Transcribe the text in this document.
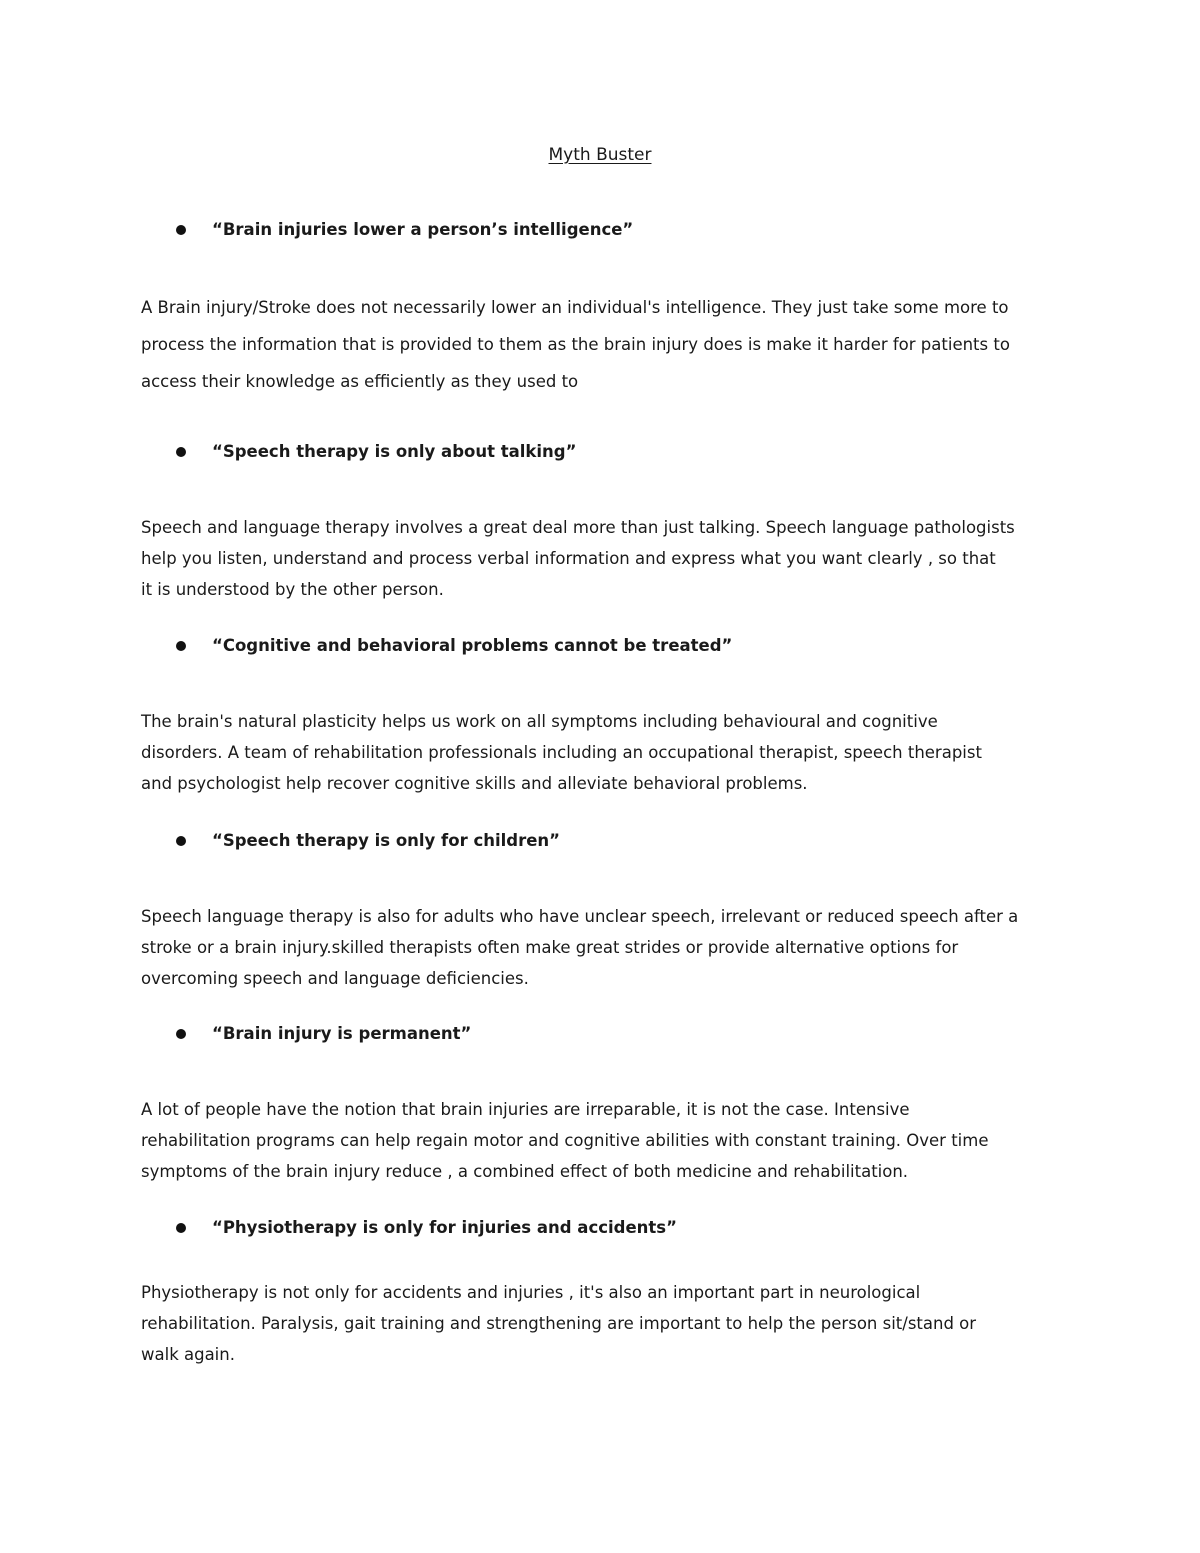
Myth Buster
“Brain injuries lower a person’s intelligence”
A Brain injury/Stroke does not necessarily lower an individual's intelligence. They just take some more to
process the information that is provided to them as the brain injury does is make it harder for patients to
access their knowledge as efficiently as they used to
“Speech therapy is only about talking”
Speech and language therapy involves a great deal more than just talking. Speech language pathologists
help you listen, understand and process verbal information and express what you want clearly , so that
it is understood by the other person.
“Cognitive and behavioral problems cannot be treated”
The brain's natural plasticity helps us work on all symptoms including behavioural and cognitive
disorders. A team of rehabilitation professionals including an occupational therapist, speech therapist
and psychologist help recover cognitive skills and alleviate behavioral problems.
“Speech therapy is only for children”
Speech language therapy is also for adults who have unclear speech, irrelevant or reduced speech after a
stroke or a brain injury.skilled therapists often make great strides or provide alternative options for
overcoming speech and language deficiencies.
“Brain injury is permanent”
A lot of people have the notion that brain injuries are irreparable, it is not the case. Intensive
rehabilitation programs can help regain motor and cognitive abilities with constant training. Over time
symptoms of the brain injury reduce , a combined effect of both medicine and rehabilitation.
“Physiotherapy is only for injuries and accidents”
Physiotherapy is not only for accidents and injuries , it's also an important part in neurological
rehabilitation. Paralysis, gait training and strengthening are important to help the person sit/stand or
walk again.
